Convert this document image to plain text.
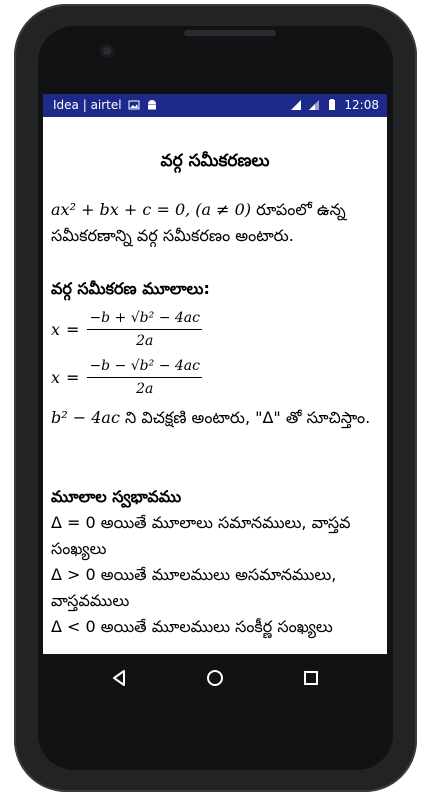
Idea | airtel	12:08
వర్గ సమీకరణలు
ax² + bx + c = 0, (a ≠ 0) రూపంలో ఉన్న సమీకరణాన్ని వర్గ సమీకరణం అంటారు.
వర్గ సమీకరణ మూలాలు:
$x = \frac{\text{−b + √b² − 4ac}}{2a}$
$x = \frac{\text{−b − √b² − 4ac}}{2a}$
b² − 4ac ని విచక్షణి అంటారు, "Δ" తో సూచిస్తాం.
మూలాల స్వభావము
Δ = 0 అయితే మూలాలు సమానములు, వాస్తవ సంఖ్యలు
Δ > 0 అయితే మూలములు అసమానములు, వాస్తవములు
Δ < 0 అయితే మూలములు సంకీర్ణ సంఖ్యలు
